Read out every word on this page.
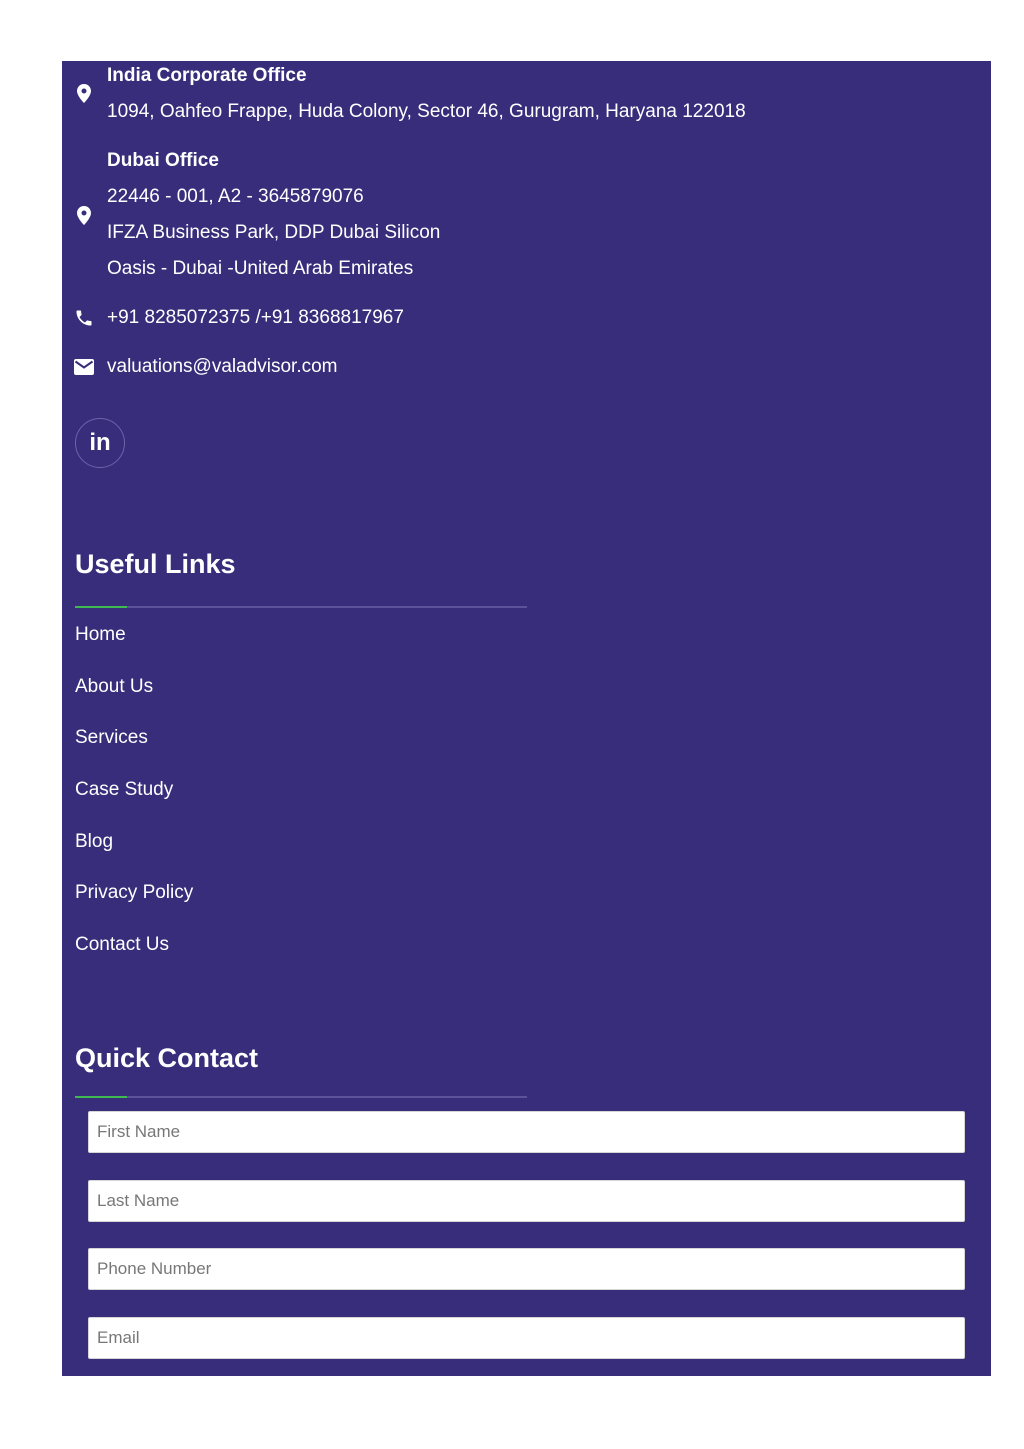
India Corporate Office
1094, Oahfeo Frappe, Huda Colony, Sector 46, Gurugram, Haryana 122018
Dubai Office
22446 - 001, A2 - 3645879076
IFZA Business Park, DDP Dubai Silicon
Oasis - Dubai -United Arab Emirates
+91 8285072375 /+91 8368817967
valuations@valadvisor.com
in
Useful Links
Home
About Us
Services
Case Study
Blog
Privacy Policy
Contact Us
Quick Contact
First Name
Last Name
Phone Number
Email
